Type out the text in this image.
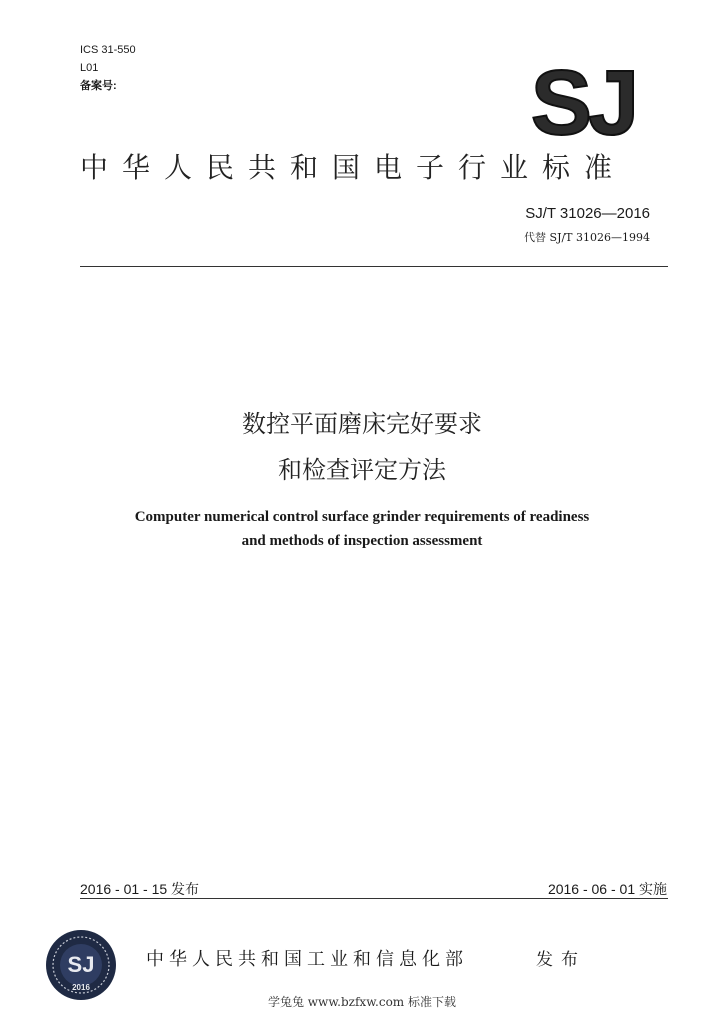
ICS 31-550
L01
备案号:	SJ
中华人民共和国电子行业标准
SJ/T 31026—2016
代替 SJ/T 31026—1994
数控平面磨床完好要求
和检查评定方法
Computer numerical control surface grinder requirements of readiness
and methods of inspection assessment
2016 - 01 - 15 发布	2016 - 06 - 01 实施
SJ
2016
中华人民共和国工业和信息化部	发布
学兔兔 www.bzfxw.com 标准下载
